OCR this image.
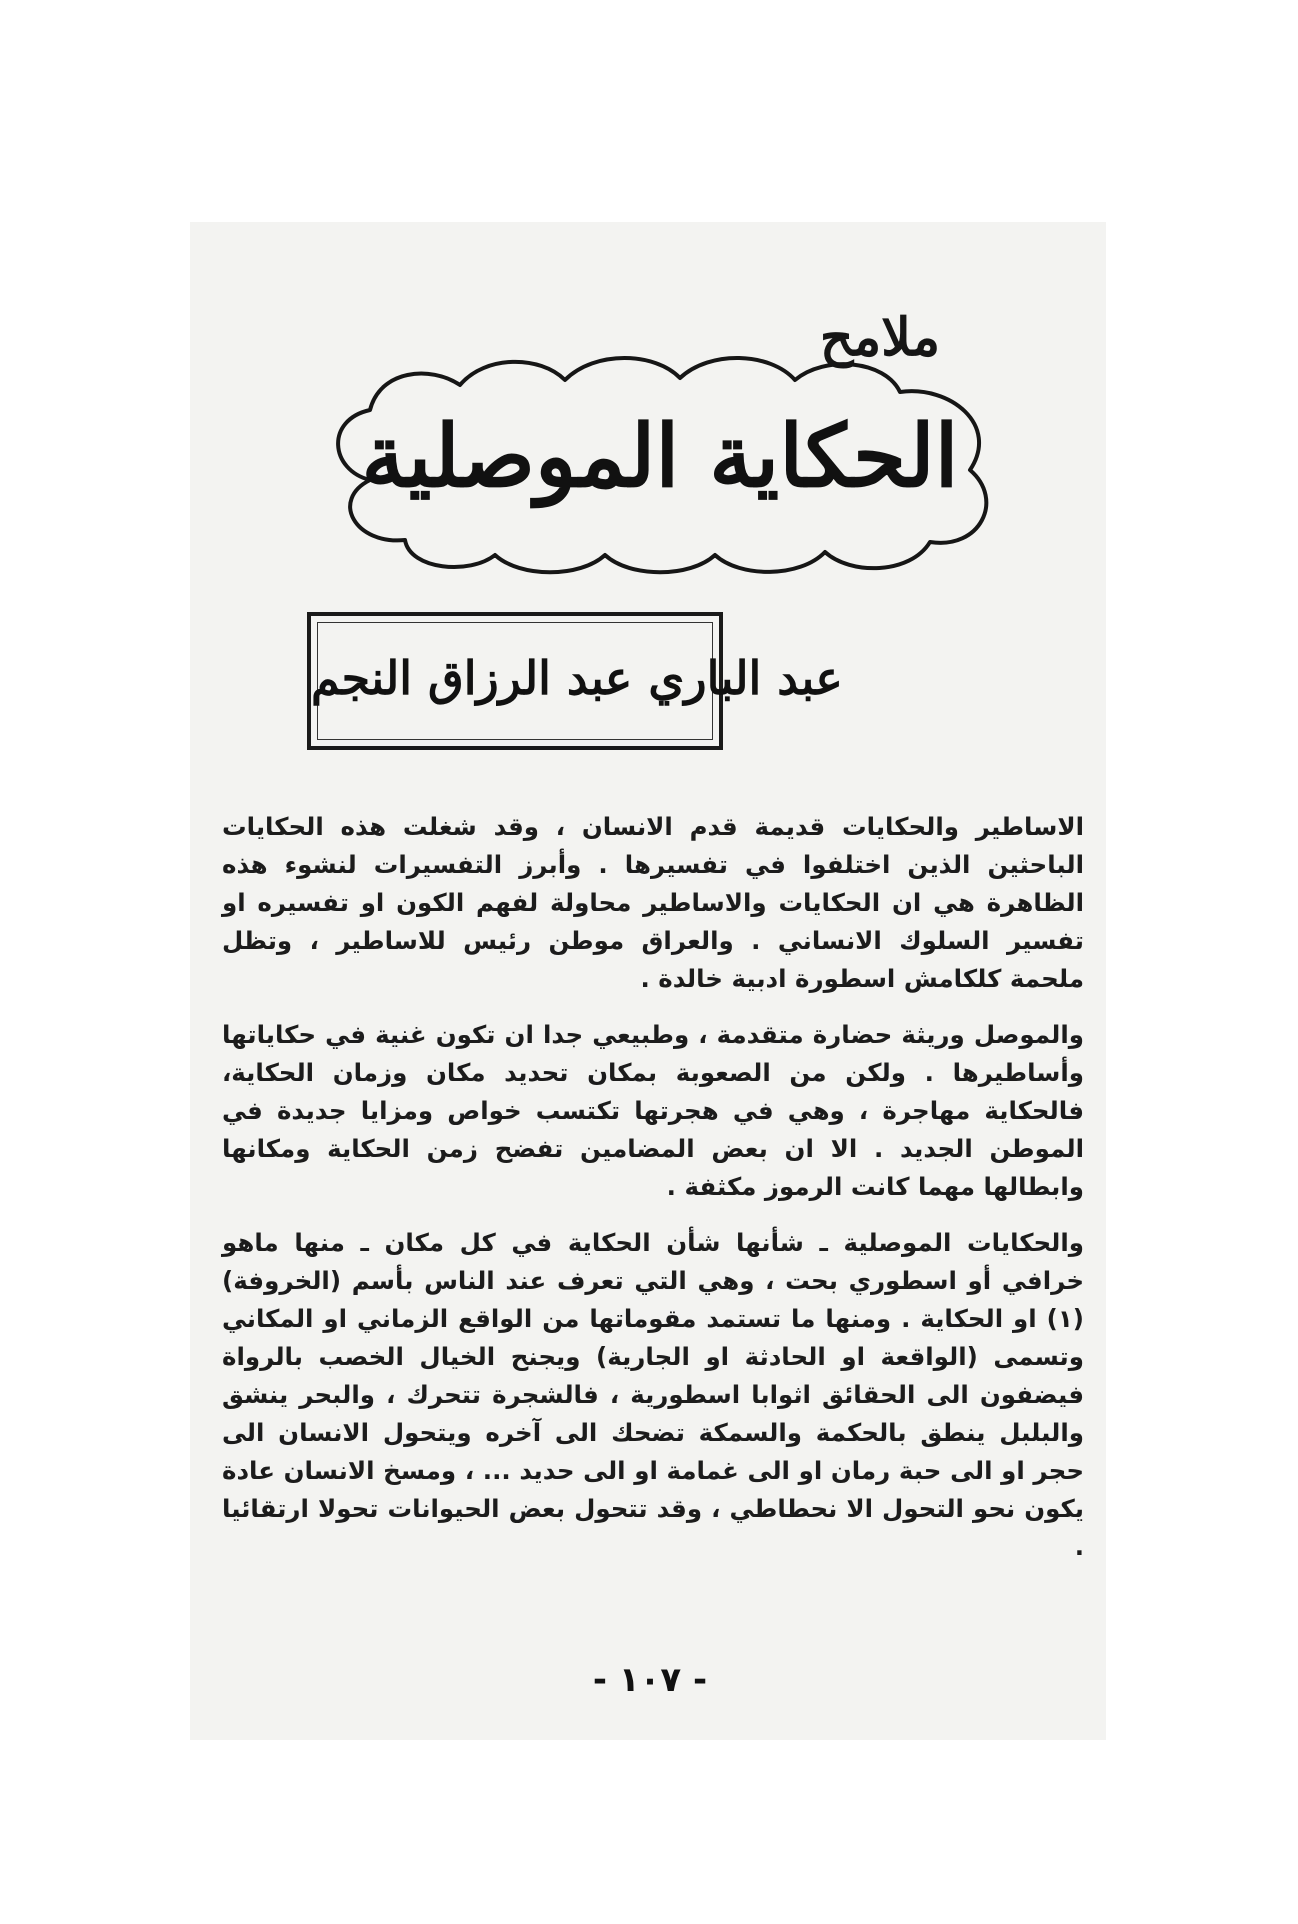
ملامح
الحكاية الموصلية
عبد الباري عبد الرزاق النجم

الاساطير والحكايات قديمة قدم الانسان ، وقد شغلت هذه الحكايات الباحثين الذين اختلفوا في تفسيرها . وأبرز التفسيرات لنشوء هذه الظاهرة هي ان الحكايات والاساطير محاولة لفهم الكون او تفسيره او تفسير السلوك الانساني . والعراق موطن رئيس للاساطير ، وتظل ملحمة كلكامش اسطورة ادبية خالدة .

والموصل وريثة حضارة متقدمة ، وطبيعي جدا ان تكون غنية في حكاياتها وأساطيرها . ولكن من الصعوبة بمكان تحديد مكان وزمان الحكاية، فالحكاية مهاجرة ، وهي في هجرتها تكتسب خواص ومزايا جديدة في الموطن الجديد . الا ان بعض المضامين تفضح زمن الحكاية ومكانها وابطالها مهما كانت الرموز مكثفة .

والحكايات الموصلية ـ شأنها شأن الحكاية في كل مكان ـ منها ماهو خرافي أو اسطوري بحت ، وهي التي تعرف عند الناس بأسم (الخروفة)(١) او الحكاية . ومنها ما تستمد مقوماتها من الواقع الزماني او المكاني وتسمى (الواقعة او الحادثة او الجارية) ويجنح الخيال الخصب بالرواة فيضفون الى الحقائق اثوابا اسطورية ، فالشجرة تتحرك ، والبحر ينشق والبلبل ينطق بالحكمة والسمكة تضحك الى آخره ويتحول الانسان الى حجر او الى حبة رمان او الى غمامة او الى حديد ... ، ومسخ الانسان عادة يكون نحو التحول الا نحطاطي ، وقد تتحول بعض الحيوانات تحولا ارتقائيا .

- ١٠٧ -
